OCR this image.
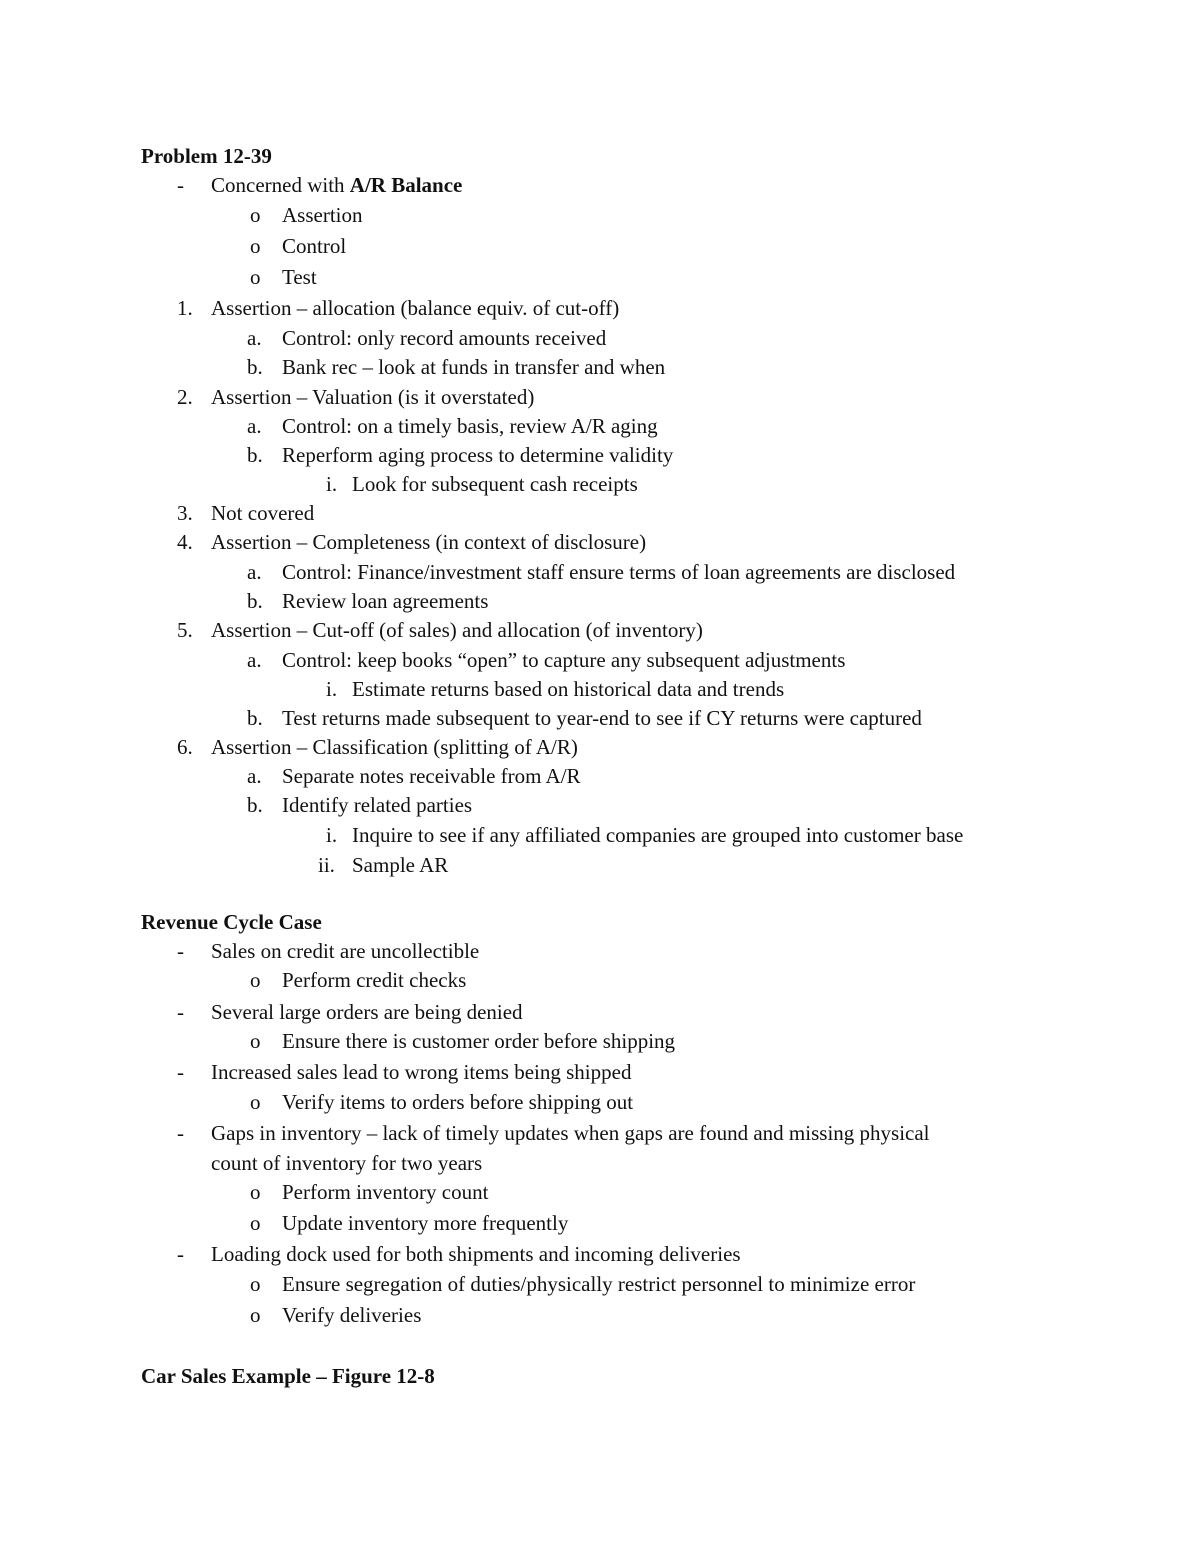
Problem 12-39
- Concerned with A/R Balance
o Assertion
o Control
o Test
1. Assertion – allocation (balance equiv. of cut-off)
a. Control: only record amounts received
b. Bank rec – look at funds in transfer and when
2. Assertion – Valuation (is it overstated)
a. Control: on a timely basis, review A/R aging
b. Reperform aging process to determine validity
i. Look for subsequent cash receipts
3. Not covered
4. Assertion – Completeness (in context of disclosure)
a. Control: Finance/investment staff ensure terms of loan agreements are disclosed
b. Review loan agreements
5. Assertion – Cut-off (of sales) and allocation (of inventory)
a. Control: keep books “open” to capture any subsequent adjustments
i. Estimate returns based on historical data and trends
b. Test returns made subsequent to year-end to see if CY returns were captured
6. Assertion – Classification (splitting of A/R)
a. Separate notes receivable from A/R
b. Identify related parties
i. Inquire to see if any affiliated companies are grouped into customer base
ii. Sample AR
Revenue Cycle Case
- Sales on credit are uncollectible
o Perform credit checks
- Several large orders are being denied
o Ensure there is customer order before shipping
- Increased sales lead to wrong items being shipped
o Verify items to orders before shipping out
- Gaps in inventory – lack of timely updates when gaps are found and missing physical
count of inventory for two years
o Perform inventory count
o Update inventory more frequently
- Loading dock used for both shipments and incoming deliveries
o Ensure segregation of duties/physically restrict personnel to minimize error
o Verify deliveries
Car Sales Example – Figure 12-8
